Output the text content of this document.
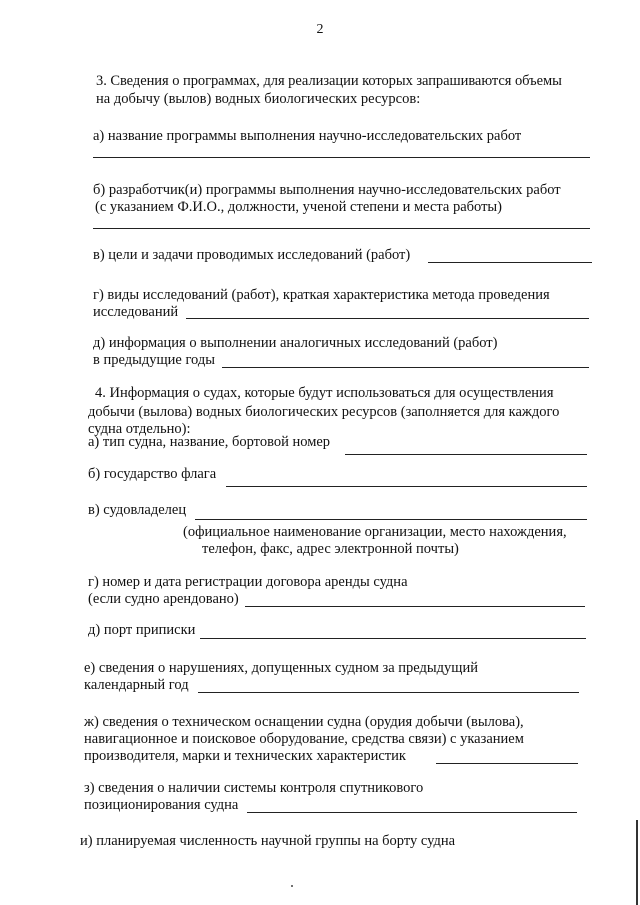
2
3. Сведения о программах, для реализации которых запрашиваются объемы
на добычу (вылов) водных биологических ресурсов:
а) название программы выполнения научно-исследовательских работ
б) разработчик(и) программы выполнения научно-исследовательских работ
(с указанием Ф.И.О., должности, ученой степени и места работы)
в) цели и задачи проводимых исследований (работ)
г) виды исследований (работ), краткая характеристика метода проведения
исследований
д) информация о выполнении аналогичных исследований (работ)
в предыдущие годы
4. Информация о судах, которые будут использоваться для осуществления
добычи (вылова) водных биологических ресурсов (заполняется для каждого
судна отдельно):
а) тип судна, название, бортовой номер
б) государство флага
в) судовладелец
(официальное наименование организации, место нахождения,
телефон, факс, адрес электронной почты)
г) номер и дата регистрации договора аренды судна
(если судно арендовано)
д) порт приписки
е) сведения о нарушениях, допущенных судном за предыдущий
календарный год
ж) сведения о техническом оснащении судна (орудия добычи (вылова),
навигационное и поисковое оборудование, средства связи) с указанием
производителя, марки и технических характеристик
з) сведения о наличии системы контроля спутникового
позиционирования судна
и) планируемая численность научной группы на борту судна
